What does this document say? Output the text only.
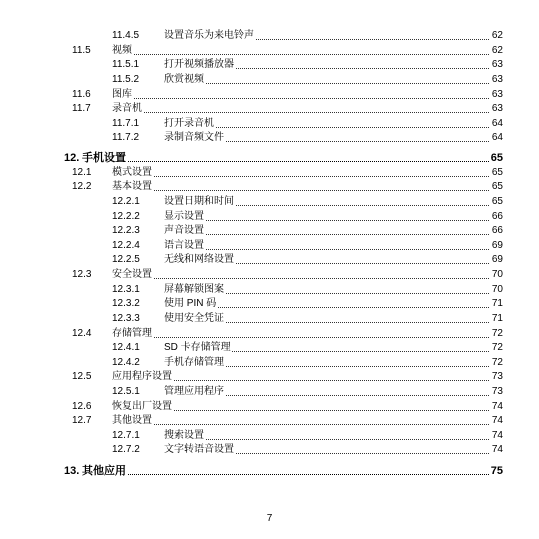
11.4.5 设置音乐为来电铃声	62
11.5 视频	62
11.5.1 打开视频播放器	63
11.5.2 欣赏视频	63
11.6 图库	63
11.7 录音机	63
11.7.1 打开录音机	64
11.7.2 录制音频文件	64
12. 手机设置	65
12.1 模式设置	65
12.2 基本设置	65
12.2.1 设置日期和时间	65
12.2.2 显示设置	66
12.2.3 声音设置	66
12.2.4 语言设置	69
12.2.5 无线和网络设置	69
12.3 安全设置	70
12.3.1 屏幕解锁图案	70
12.3.2 使用 PIN 码	71
12.3.3 使用安全凭证	71
12.4 存储管理	72
12.4.1 SD 卡存储管理	72
12.4.2 手机存储管理	72
12.5 应用程序设置	73
12.5.1 管理应用程序	73
12.6 恢复出厂设置	74
12.7 其他设置	74
12.7.1 搜索设置	74
12.7.2 文字转语音设置	74
13. 其他应用	75
7
